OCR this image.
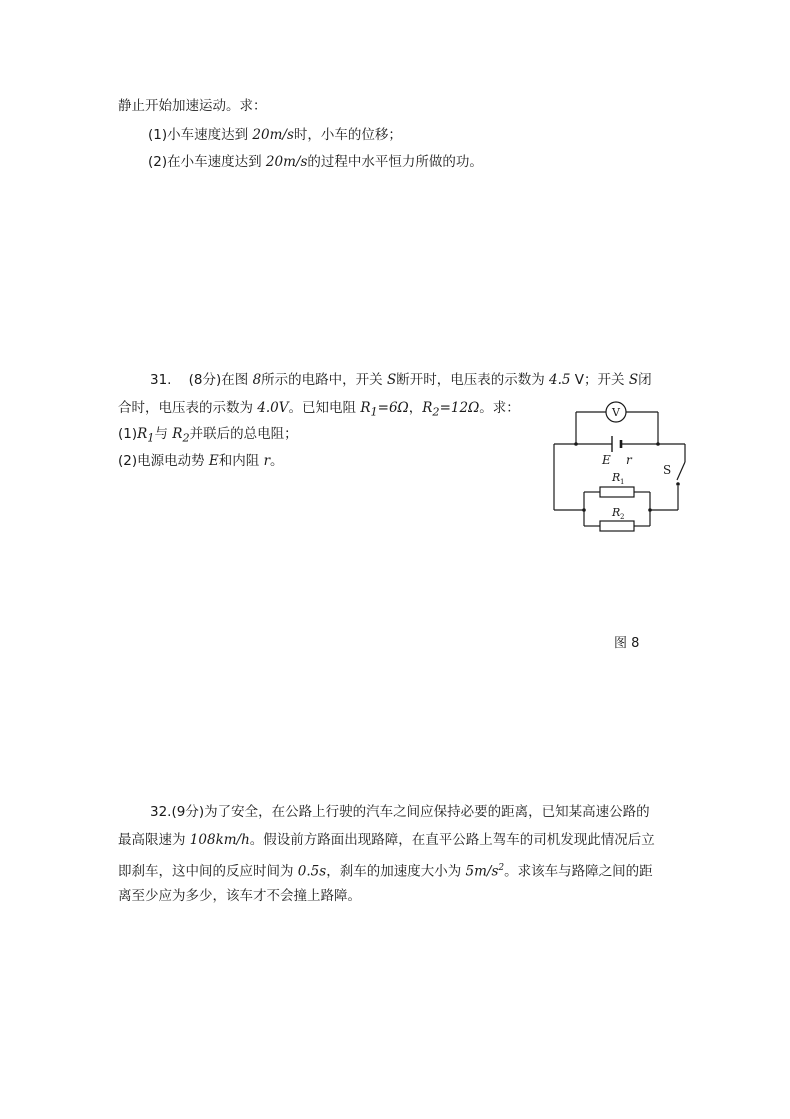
静止开始加速运动。求：
(1)小车速度达到 20m/s时，小车的位移；
(2)在小车速度达到 20m/s的过程中水平恒力所做的功。
31. (8分)在图 8所示的电路中，开关 S断开时，电压表的示数为 4.5 V；开关 S闭
合时，电压表的示数为 4.0V。已知电阻 $R_1=6\Omega$，$R_2=12\Omega$。求：
$(1)R_1$与 $R_2$并联后的总电阻；
(2)电源电动势 E和内阻 r。
V
E r
S
R 1
R 2
图 8
32.(9分)为了安全，在公路上行驶的汽车之间应保持必要的距离，已知某高速公路的
最高限速为 108km/h。假设前方路面出现路障，在直平公路上驾车的司机发现此情况后立
即刹车，这中间的反应时间为 0.5s，刹车的加速度大小为 $5m/s^2$。求该车与路障之间的距
离至少应为多少，该车才不会撞上路障。
